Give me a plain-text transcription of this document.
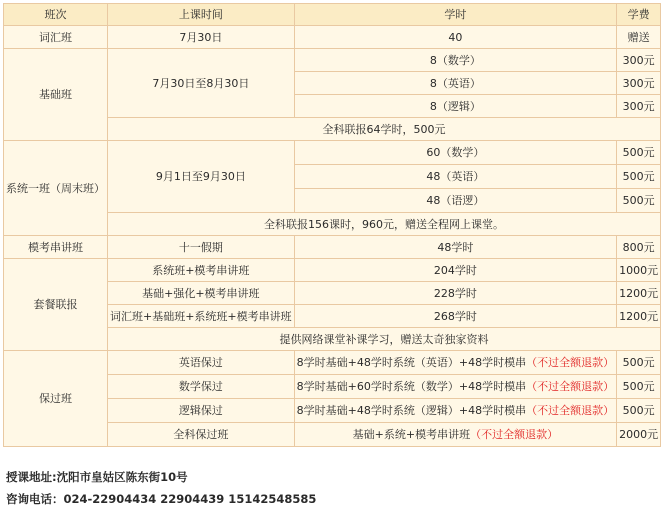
班次	上课时间	学时	学费
词汇班	7月30日	40	赠送
基础班	7月30日至8月30日	8（数学）	300元
		8（英语）	300元
		8（逻辑）	300元
	全科联报64学时，500元		
系统一班（周末班）	9月1日至9月30日	60（数学）	500元
		48（英语）	500元
		48（语逻）	500元
	全科联报156课时，960元，赠送全程网上课堂。		
模考串讲班	十一假期	48学时	800元
套餐联报	系统班+模考串讲班	204学时	1000元
	基础+强化+模考串讲班	228学时	1200元
	词汇班+基础班+系统班+模考串讲班	268学时	1200元
	提供网络课堂补课学习，赠送太奇独家资料		
保过班	英语保过	8学时基础+48学时系统（英语）+48学时模串（不过全额退款）	500元
	数学保过	8学时基础+60学时系统（数学）+48学时模串（不过全额退款）	500元
	逻辑保过	8学时基础+48学时系统（逻辑）+48学时模串（不过全额退款）	500元
	全科保过班	基础+系统+模考串讲班（不过全额退款）	2000元
授课地址:沈阳市皇姑区陈东街10号
咨询电话：024-22904434 22904439 15142548585
